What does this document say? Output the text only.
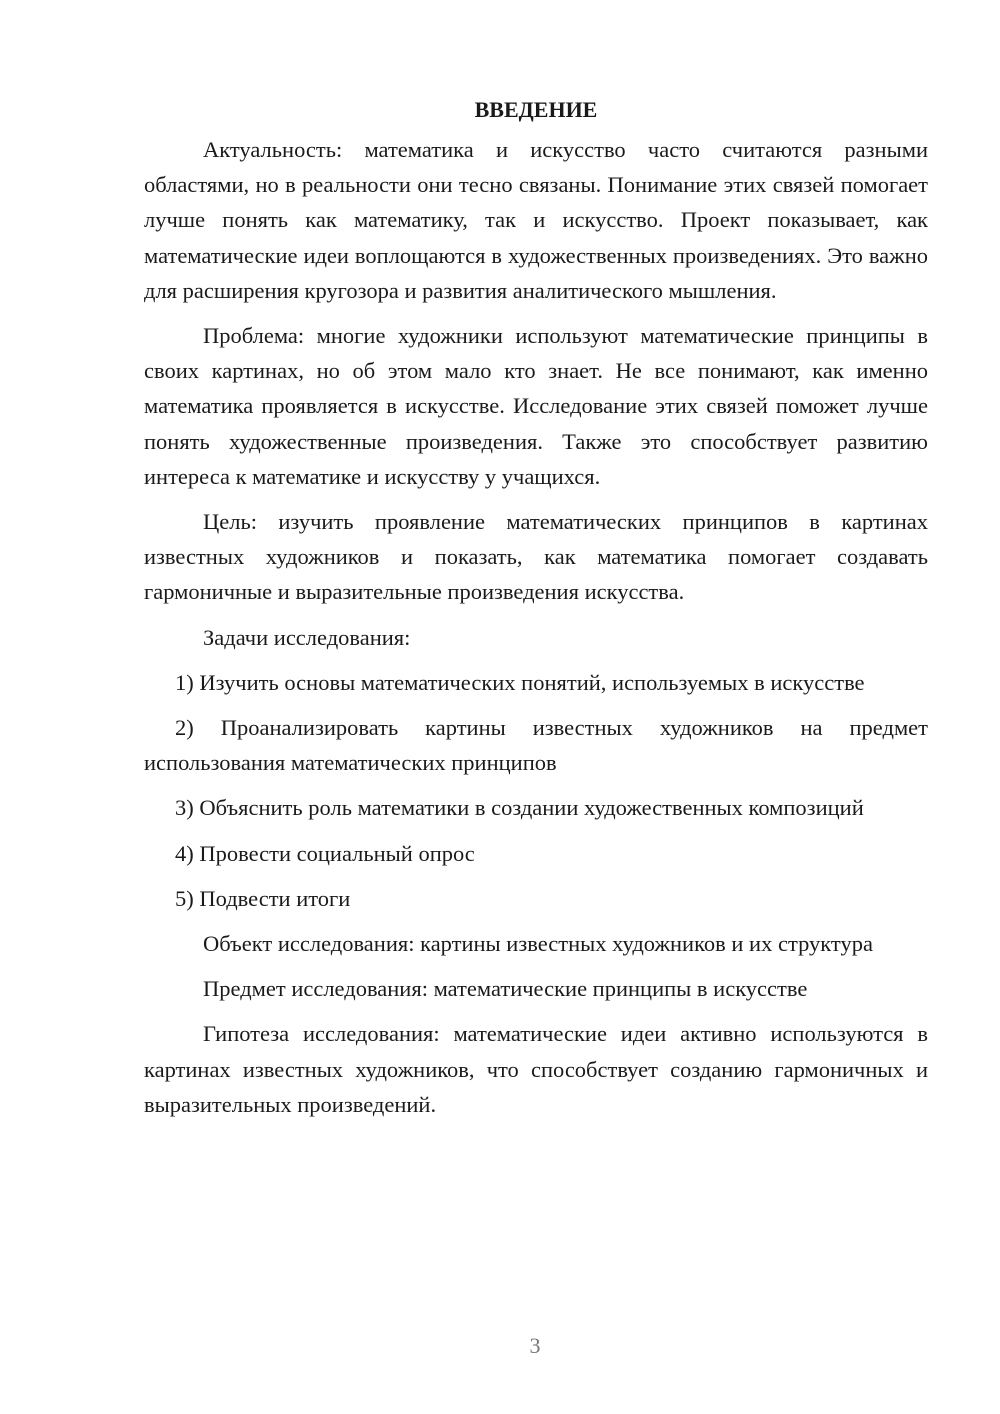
ВВЕДЕНИЕ

Актуальность: математика и искусство часто считаются разными областями, но в реальности они тесно связаны. Понимание этих связей помогает лучше понять как математику, так и искусство. Проект показывает, как математические идеи воплощаются в художественных произведениях. Это важно для расширения кругозора и развития аналитического мышления.

Проблема: многие художники используют математические принципы в своих картинах, но об этом мало кто знает. Не все понимают, как именно математика проявляется в искусстве. Исследование этих связей поможет лучше понять художественные произведения. Также это способствует развитию интереса к математике и искусству у учащихся.

Цель: изучить проявление математических принципов в картинах известных художников и показать, как математика помогает создавать гармоничные и выразительные произведения искусства.

Задачи исследования:

1) Изучить основы математических понятий, используемых в искусстве

2) Проанализировать картины известных художников на предмет использования математических принципов

3) Объяснить роль математики в создании художественных композиций

4) Провести социальный опрос

5) Подвести итоги

Объект исследования: картины известных художников и их структура

Предмет исследования: математические принципы в искусстве

Гипотеза исследования: математические идеи активно используются в картинах известных художников, что способствует созданию гармоничных и выразительных произведений.

3
